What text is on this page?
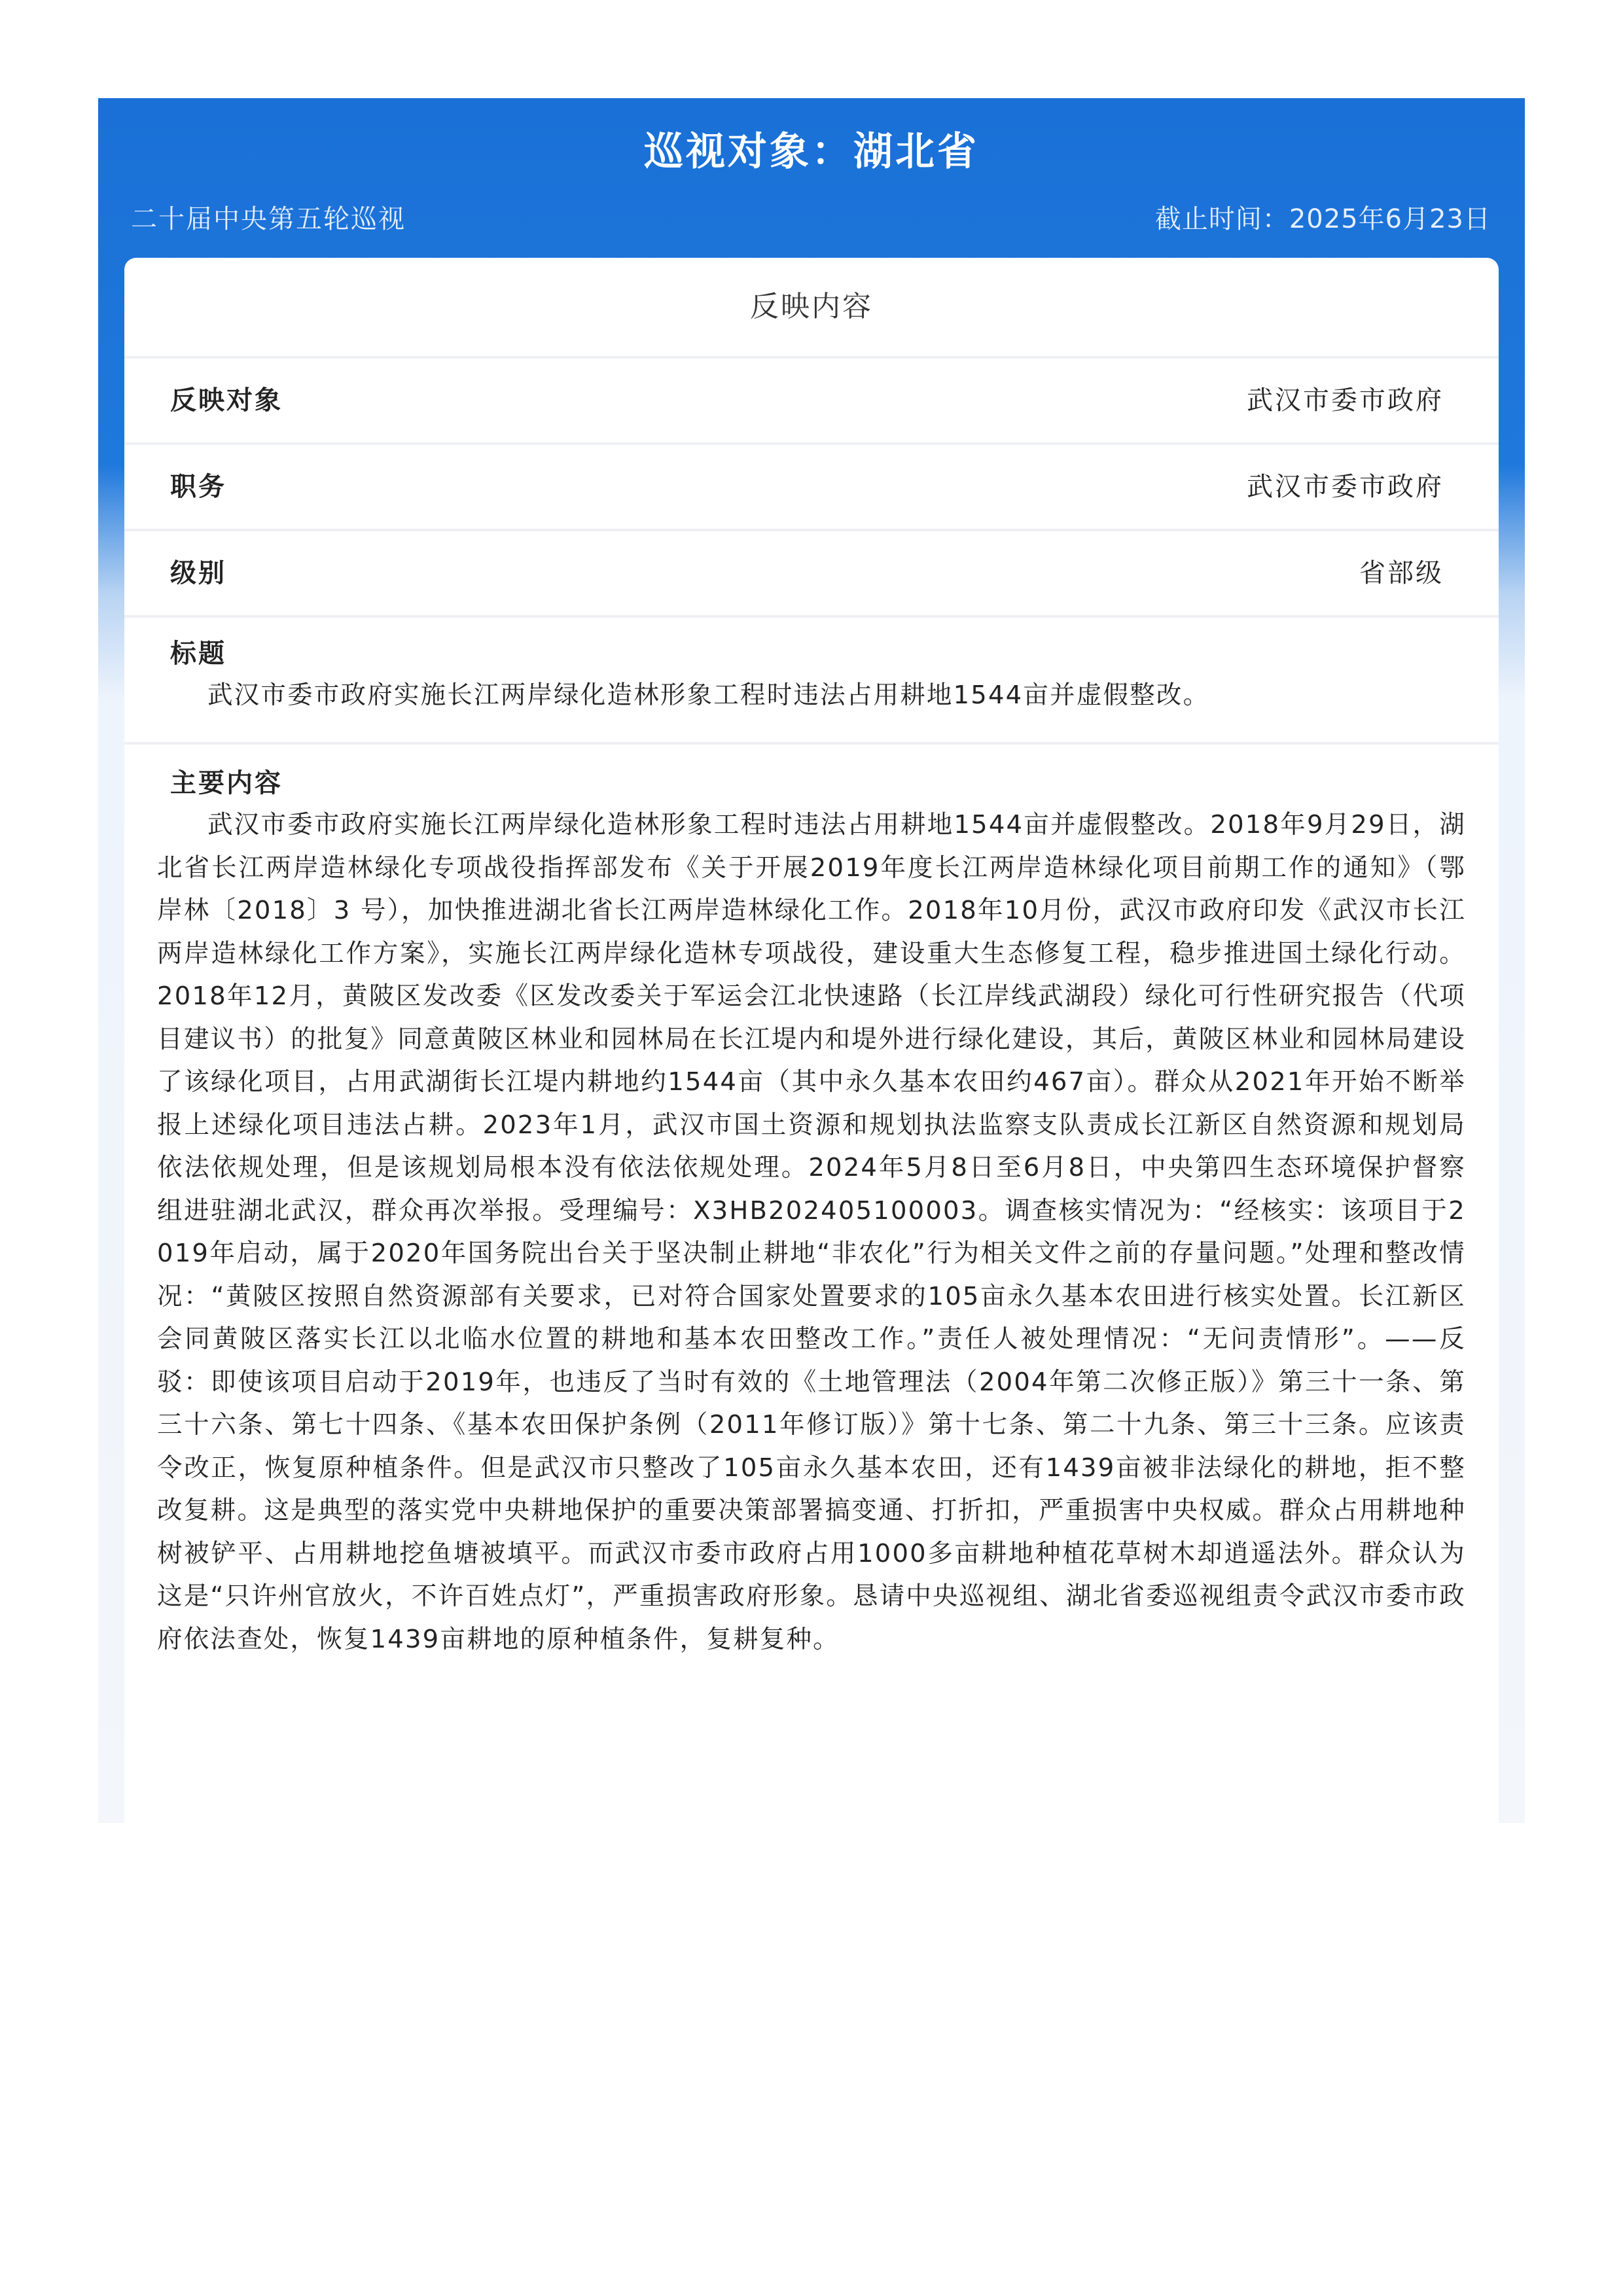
巡视对象：湖北省
二十届中央第五轮巡视	截止时间：2025年6月23日
反映内容
反映对象	武汉市委市政府
职务	武汉市委市政府
级别	省部级
标题
武汉市委市政府实施长江两岸绿化造林形象工程时违法占用耕地1544亩并虚假整改。
主要内容
武汉市委市政府实施长江两岸绿化造林形象工程时违法占用耕地1544亩并虚假整改。2018年9月29日，湖北省长江两岸造林绿化专项战役指挥部发布《关于开展2019年度长江两岸造林绿化项目前期工作的通知》（鄂岸林〔2018〕3 号），加快推进湖北省长江两岸造林绿化工作。2018年10月份，武汉市政府印发《武汉市长江两岸造林绿化工作方案》，实施长江两岸绿化造林专项战役，建设重大生态修复工程，稳步推进国土绿化行动。2018年12月，黄陂区发改委《区发改委关于军运会江北快速路（长江岸线武湖段）绿化可行性研究报告（代项目建议书）的批复》同意黄陂区林业和园林局在长江堤内和堤外进行绿化建设，其后，黄陂区林业和园林局建设了该绿化项目，占用武湖街长江堤内耕地约1544亩（其中永久基本农田约467亩）。群众从2021年开始不断举报上述绿化项目违法占耕。2023年1月，武汉市国土资源和规划执法监察支队责成长江新区自然资源和规划局依法依规处理，但是该规划局根本没有依法依规处理。2024年5月8日至6月8日，中央第四生态环境保护督察组进驻湖北武汉，群众再次举报。受理编号：X3HB202405100003。调查核实情况为：“经核实：该项目于2019年启动，属于2020年国务院出台关于坚决制止耕地“非农化”行为相关文件之前的存量问题。”处理和整改情况：“黄陂区按照自然资源部有关要求，已对符合国家处置要求的105亩永久基本农田进行核实处置。长江新区会同黄陂区落实长江以北临水位置的耕地和基本农田整改工作。”责任人被处理情况：“无问责情形”。——反驳：即使该项目启动于2019年，也违反了当时有效的《土地管理法（2004年第二次修正版）》第三十一条、第三十六条、第七十四条、《基本农田保护条例（2011年修订版）》第十七条、第二十九条、第三十三条。应该责令改正，恢复原种植条件。但是武汉市只整改了105亩永久基本农田，还有1439亩被非法绿化的耕地，拒不整改复耕。这是典型的落实党中央耕地保护的重要决策部署搞变通、打折扣，严重损害中央权威。群众占用耕地种树被铲平、占用耕地挖鱼塘被填平。而武汉市委市政府占用1000多亩耕地种植花草树木却逍遥法外。群众认为这是“只许州官放火，不许百姓点灯”，严重损害政府形象。恳请中央巡视组、湖北省委巡视组责令武汉市委市政府依法查处，恢复1439亩耕地的原种植条件，复耕复种。
